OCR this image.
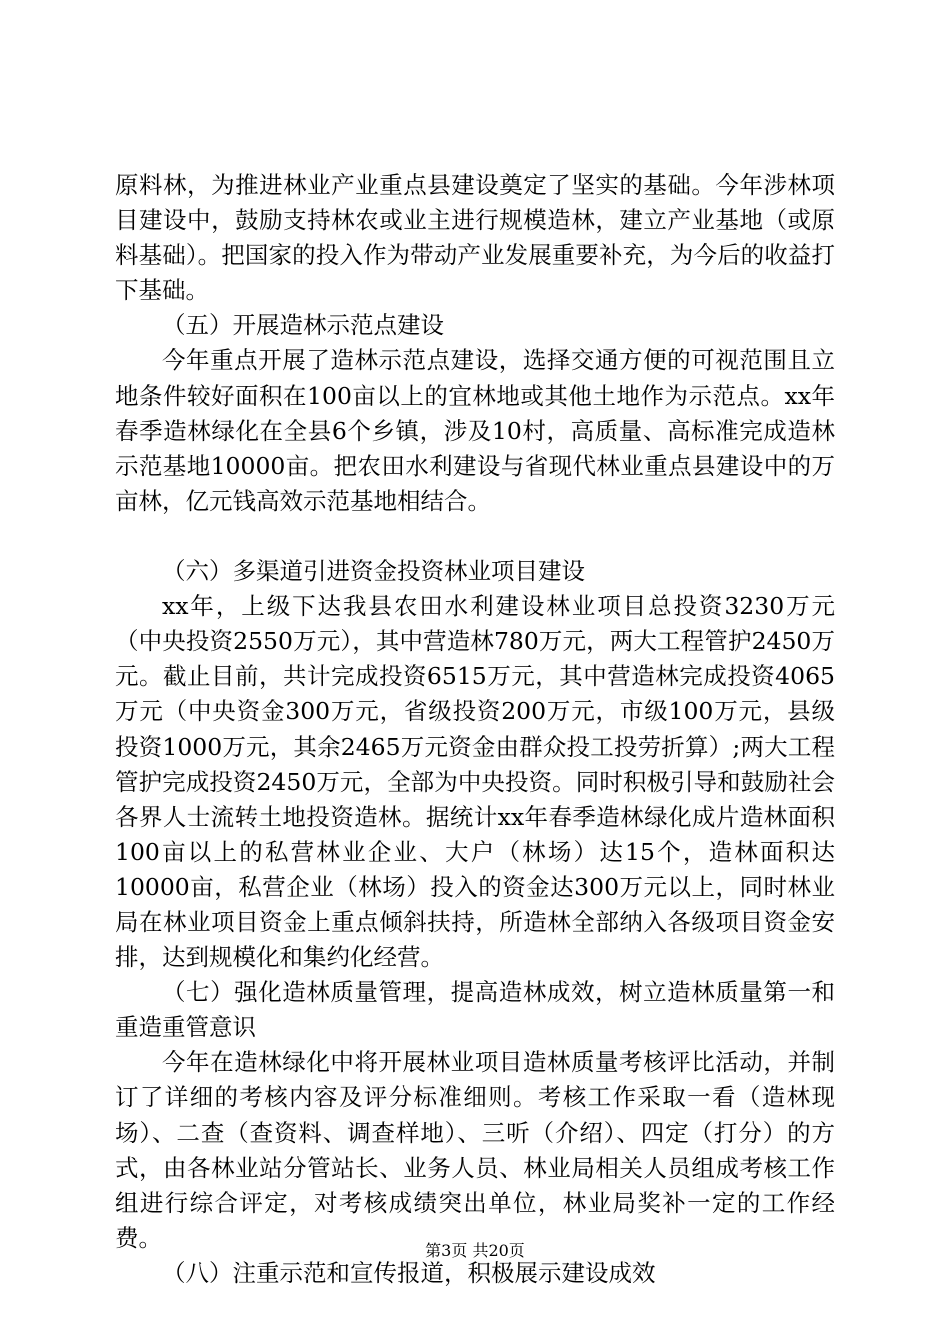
原料林，为推进林业产业重点县建设奠定了坚实的基础。今年涉林项目建设中，鼓励支持林农或业主进行规模造林，建立产业基地（或原料基础）。把国家的投入作为带动产业发展重要补充，为今后的收益打下基础。

（五）开展造林示范点建设

今年重点开展了造林示范点建设，选择交通方便的可视范围且立地条件较好面积在100亩以上的宜林地或其他土地作为示范点。xx年春季造林绿化在全县6个乡镇，涉及10村，高质量、高标准完成造林示范基地10000亩。把农田水利建设与省现代林业重点县建设中的万亩林，亿元钱高效示范基地相结合。

（六）多渠道引进资金投资林业项目建设

xx年，上级下达我县农田水利建设林业项目总投资3230万元（中央投资2550万元），其中营造林780万元，两大工程管护2450万元。截止目前，共计完成投资6515万元，其中营造林完成投资4065万元（中央资金300万元，省级投资200万元，市级100万元，县级投资1000万元，其余2465万元资金由群众投工投劳折算）;两大工程管护完成投资2450万元，全部为中央投资。同时积极引导和鼓励社会各界人士流转土地投资造林。据统计xx年春季造林绿化成片造林面积100亩以上的私营林业企业、大户（林场）达15个，造林面积达10000亩，私营企业（林场）投入的资金达300万元以上，同时林业局在林业项目资金上重点倾斜扶持，所造林全部纳入各级项目资金安排，达到规模化和集约化经营。

（七）强化造林质量管理，提高造林成效，树立造林质量第一和重造重管意识

今年在造林绿化中将开展林业项目造林质量考核评比活动，并制订了详细的考核内容及评分标准细则。考核工作采取一看（造林现场）、二查（查资料、调查样地）、三听（介绍）、四定（打分）的方式，由各林业站分管站长、业务人员、林业局相关人员组成考核工作组进行综合评定，对考核成绩突出单位，林业局奖补一定的工作经费。

（八）注重示范和宣传报道，积极展示建设成效

第3页 共20页
